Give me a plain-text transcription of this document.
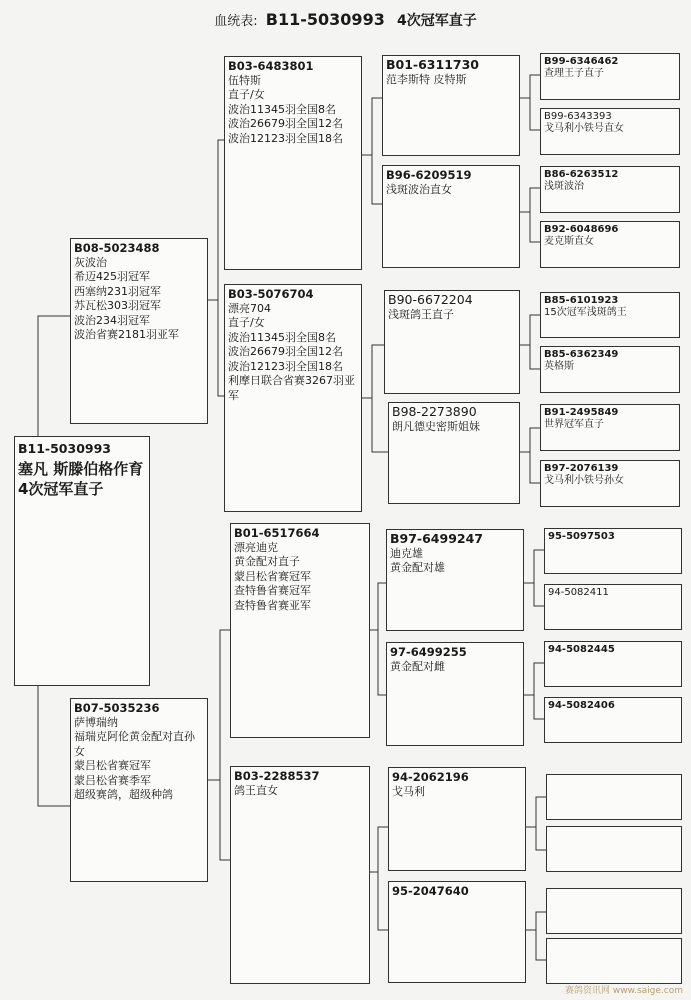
血统表: B11-5030993 4次冠军直子
B11-5030993
塞凡 斯滕伯格作育
4次冠军直子
B08-5023488
灰波治
希迈425羽冠军
西塞纳231羽冠军
苏瓦松303羽冠军
波治234羽冠军
波治省赛2181羽亚军
B07-5035236
萨博瑞纳
福瑞克阿伦黄金配对直孙女
蒙吕松省赛冠军
蒙吕松省赛季军
超级赛鸽，超级种鸽
B03-6483801
伍特斯
直子/女
波治11345羽全国8名
波治26679羽全国12名
波治12123羽全国18名
B03-5076704
漂亮704
直子/女
波治11345羽全国8名
波治26679羽全国12名
波治12123羽全国18名
利摩日联合省赛3267羽亚军
B01-6517664
漂亮迪克
黄金配对直子
蒙吕松省赛冠军
查特鲁省赛冠军
查特鲁省赛亚军
B03-2288537
鸽王直女
B01-6311730
范李斯特 皮特斯
B96-6209519
浅斑波治直女
B90-6672204
浅斑鸽王直子
B98-2273890
朗凡德史密斯姐妹
B97-6499247
迪克雄
黄金配对雄
97-6499255
黄金配对雌
94-2062196
戈马利
95-2047640
B99-6346462
查理王子直子
B99-6343393
戈马利小铁号直女
B86-6263512
浅斑波治
B92-6048696
麦克斯直女
B85-6101923
15次冠军浅斑鸽王
B85-6362349
英格斯
B91-2495849
世界冠军直子
B97-2076139
戈马利小铁号孙女
95-5097503
94-5082411
94-5082445
94-5082406
赛鸽资讯网 www.saige.com
